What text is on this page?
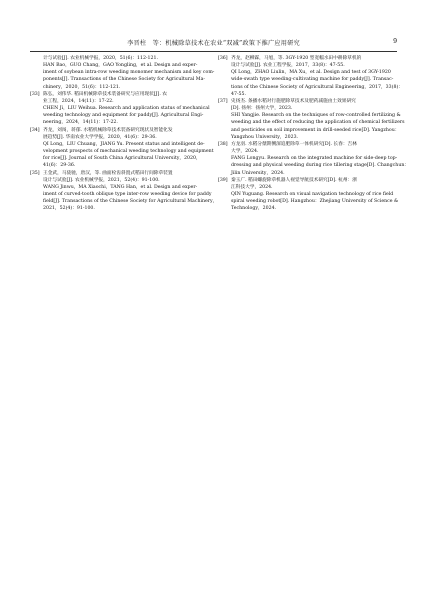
李晋柱　等：机械除草技术在农业“双减”政策下推广应用研究	9
计与试验[J]. 农业机械学报，2020，51(6)：112-121.
HAN Bao，GUO Chang，GAO Yongling，et al. Design and exper-
iment of soybean intra-row weeding monomer mechanism and key com-
ponents[J]. Transactions of the Chinese Society for Agricultural Ma-
chinery，2020，51(6)：112-121.
[33] 陈弘，刘伟华. 稻田机械除草技术装备研究与应用现状[J]. 农
业工程，2024，14(11)：17-22.
CHEN Ji，LIU Weihua. Research and application status of mechanical
weeding technology and equipment for paddy[J]. Agricultural Engi-
neering，2024，14(11)：17-22.
[34] 齐龙，刘闯，蒋郁. 水稻机械除草技术装备研究现状及智能化发
展趋势[J]. 华南农业大学学报，2020，41(6)：29-36.
QI Long，LIU Chuang，JIANG Yu. Present status and intelligent de-
velopment prospects of mechanical weeding technology and equipment
for rice[J]. Journal of South China Agricultural University，2020，
41(6)：29-36.
[35] 王金武，马骁驰，唐汉，等. 曲面栓齿斜置式稻田行间除草装置
设计与试验[J]. 农业机械学报，2021，52(4)：91-100.
WANG Jinwu，MA Xiaochi，TANG Han，et al. Design and exper-
iment of curved-tooth oblique type inter-row weeding device for paddy
field[J]. Transactions of the Chinese Society for Agricultural Machinery，
2021，52(4)：91-100.
[36] 齐龙，赵柳霖，马旭，等. 3GY-1920 型宽幅水田中耕除草机的
设计与试验[J]. 农业工程学报，2017，33(8)：47-55.
QI Long，ZHAO Liulin，MA Xu，et al. Design and test of 3GY-1920
wide-swath type weeding-cultivating machine for paddy[J]. Transac-
tions of the Chinese Society of Agricultural Engineering，2017，33(8)：
47-55.
[37] 史扬杰. 条播水稻对行施肥除草技术及肥药减施由土效果研究
[D]. 扬州：扬州大学，2023.
SHI Yangjie. Research on the techniques of row-controlled fertilizing &
weeding and the effect of reducing the application of chemical fertilizers
and pesticides on soil improvement in drill-seeded rice[D]. Yangzhou：
Yangzhou University，2023.
[38] 方龙羽. 水稻分蘖期侧深追肥除草一体机研究[D]. 长春：吉林
大学，2024.
FANG Longyu. Research on the integrated machine for side-deep top-
dressing and physical weeding during rice tillering stage[D]. Changchun：
Jilin University，2024.
[39] 秦玉广. 稻田螺旋除草机器人视觉导航技术研究[D]. 杭州：浙
江科技大学，2024.
QIN Yuguang. Research on visual navigation technology of rice field
spiral weeding robot[D]. Hangzhou：Zhejiang University of Science &
Technology，2024.
